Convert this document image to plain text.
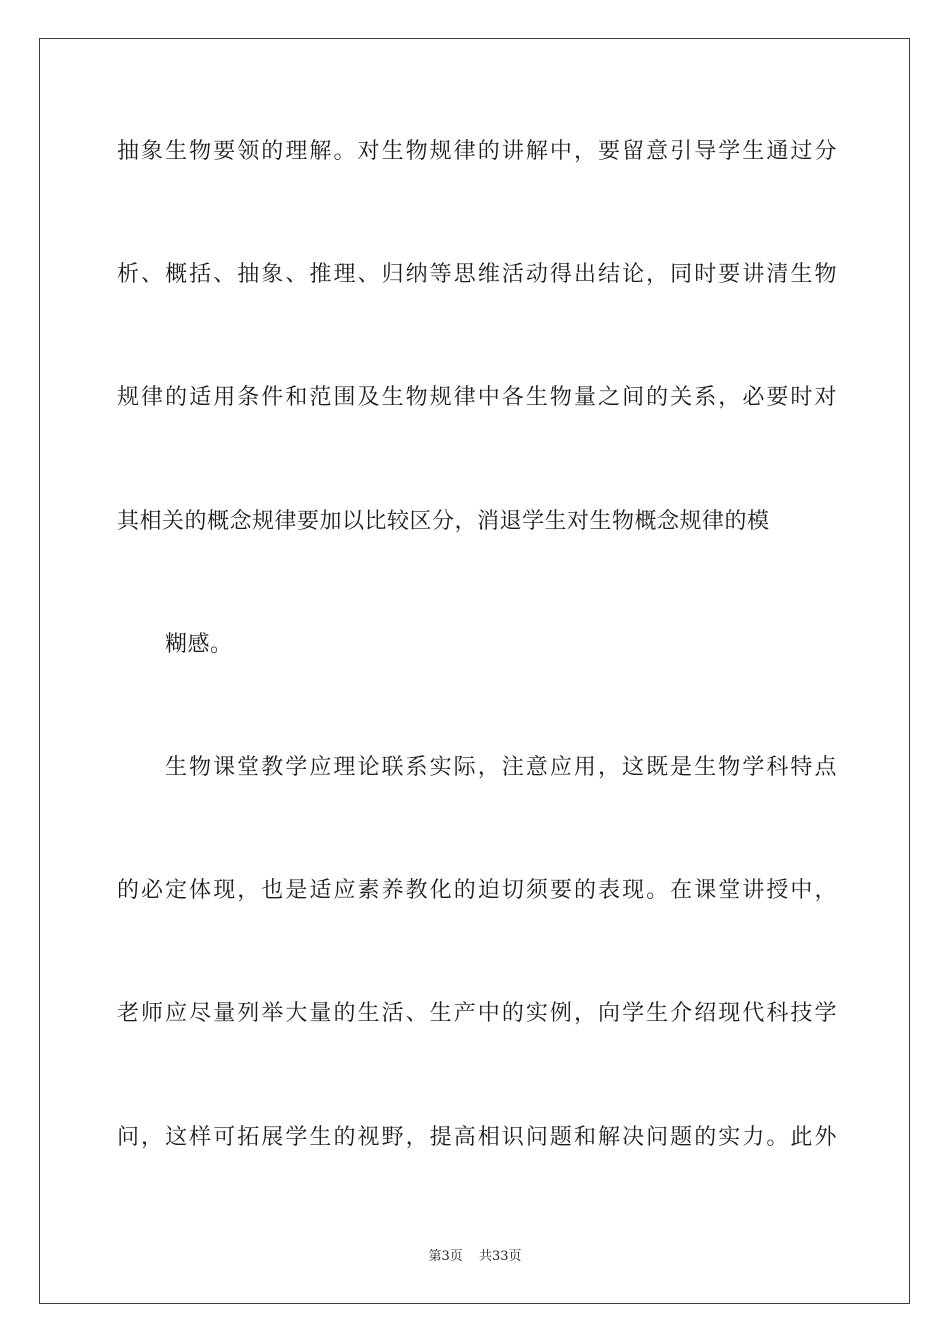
抽象生物要领的理解。对生物规律的讲解中，要留意引导学生通过分
析、概括、抽象、推理、归纳等思维活动得出结论，同时要讲清生物
规律的适用条件和范围及生物规律中各生物量之间的关系，必要时对
其相关的概念规律要加以比较区分，消退学生对生物概念规律的模
糊感。
生物课堂教学应理论联系实际，注意应用，这既是生物学科特点
的必定体现，也是适应素养教化的迫切须要的表现。在课堂讲授中，
老师应尽量列举大量的生活、生产中的实例，向学生介绍现代科技学
问，这样可拓展学生的视野，提高相识问题和解决问题的实力。此外
第3页 共33页
